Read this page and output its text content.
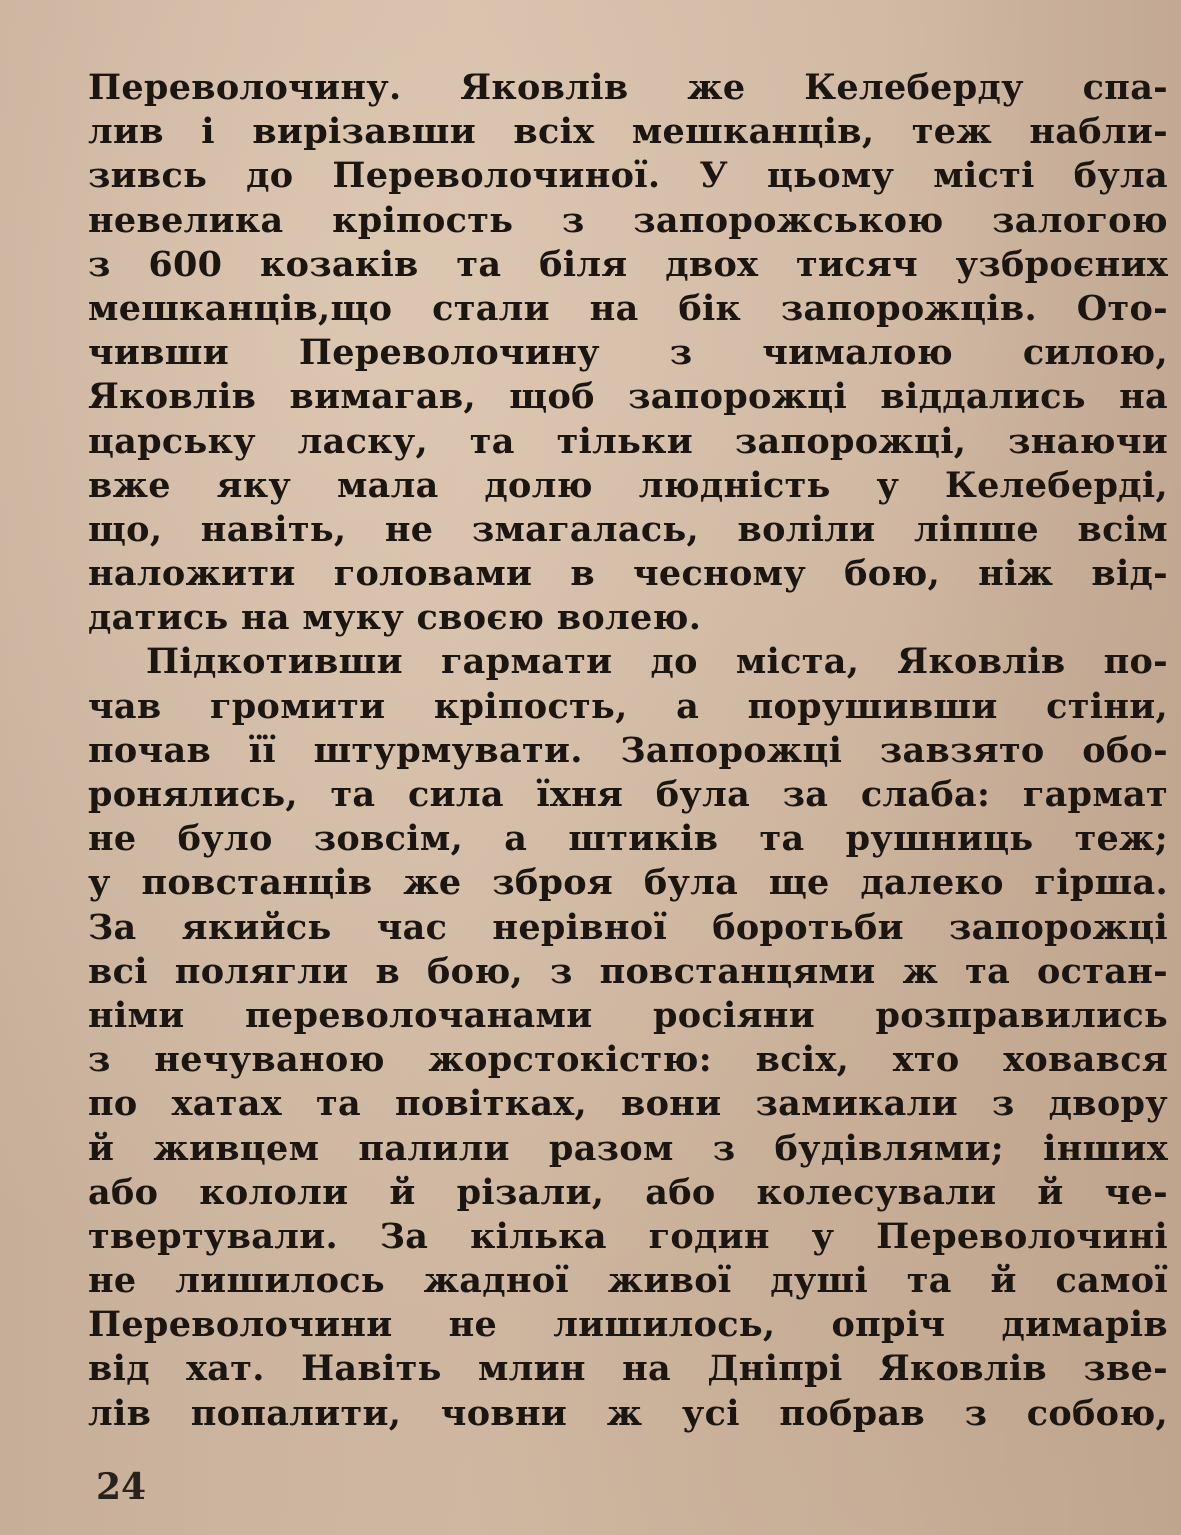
Переволочину. Яковлів же Келеберду спа-
лив і вирізавши всіх мешканців, теж набли-
зивсь до Переволочиної. У цьому місті була
невелика кріпость з запорожською залогою
з 600 козаків та біля двох тисяч узброєних
мешканців,що стали на бік запорожців. Ото-
чивши Переволочину з чималою силою,
Яковлів вимагав, щоб запорожці віддались на
царську ласку, та тільки запорожці, знаючи
вже яку мала долю людність у Келеберді,
що, навіть, не змагалась, воліли ліпше всім
наложити головами в чесному бою, ніж від-
датись на муку своєю волею.
Підкотивши гармати до міста, Яковлів по-
чав громити кріпость, а порушивши стіни,
почав її штурмувати. Запорожці завзято обо-
ронялись, та сила їхня була за слаба: гармат
не було зовсім, а штиків та рушниць теж;
у повстанців же зброя була ще далеко гірша.
За якийсь час нерівної боротьби запорожці
всі полягли в бою, з повстанцями ж та остан-
німи переволочанами росіяни розправились
з нечуваною жорстокістю: всіх, хто ховався
по хатах та повітках, вони замикали з двору
й живцем палили разом з будівлями; інших
або кололи й різали, або колесували й че-
твертували. За кілька годин у Переволочині
не лишилось жадної живої душі та й самої
Переволочини не лишилось, опріч димарів
від хат. Навіть млин на Дніпрі Яковлів зве-
лів попалити, човни ж усі побрав з собою,
24
